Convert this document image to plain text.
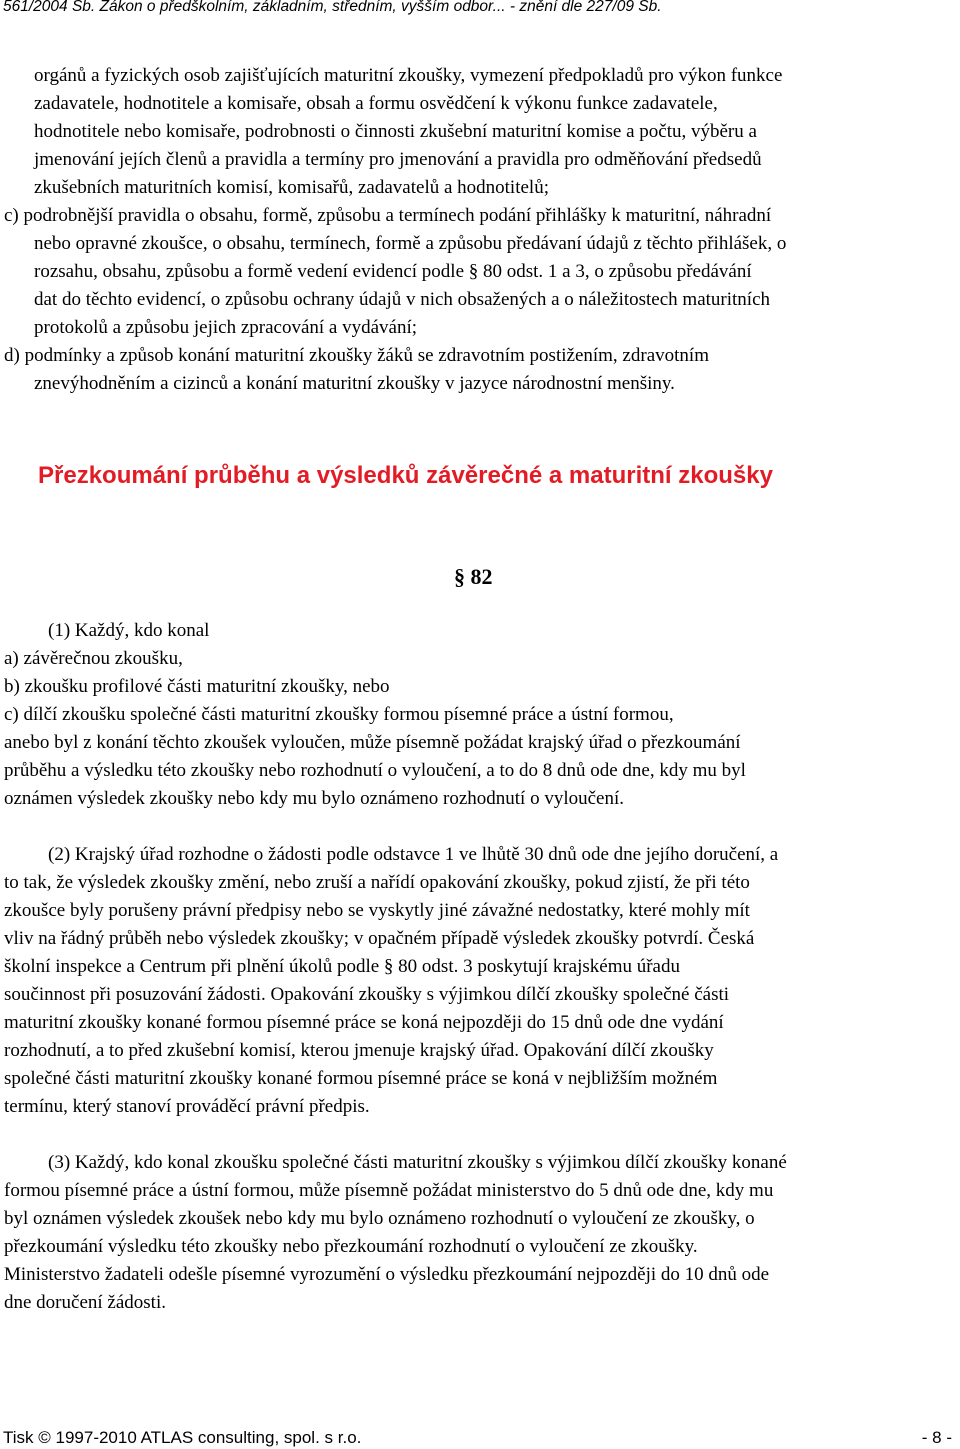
561/2004 Sb. Zákon o předškolním, základním, středním, vyšším odbor... - znění dle 227/09 Sb.
orgánů a fyzických osob zajišťujících maturitní zkoušky, vymezení předpokladů pro výkon funkce
zadavatele, hodnotitele a komisaře, obsah a formu osvědčení k výkonu funkce zadavatele,
hodnotitele nebo komisaře, podrobnosti o činnosti zkušební maturitní komise a počtu, výběru a
jmenování jejích členů a pravidla a termíny pro jmenování a pravidla pro odměňování předsedů
zkušebních maturitních komisí, komisařů, zadavatelů a hodnotitelů;
c) podrobnější pravidla o obsahu, formě, způsobu a termínech podání přihlášky k maturitní, náhradní
nebo opravné zkoušce, o obsahu, termínech, formě a způsobu předávaní údajů z těchto přihlášek, o
rozsahu, obsahu, způsobu a formě vedení evidencí podle § 80 odst. 1 a 3, o způsobu předávání
dat do těchto evidencí, o způsobu ochrany údajů v nich obsažených a o náležitostech maturitních
protokolů a způsobu jejich zpracování a vydávání;
d) podmínky a způsob konání maturitní zkoušky žáků se zdravotním postižením, zdravotním
znevýhodněním a cizinců a konání maturitní zkoušky v jazyce národnostní menšiny.
Přezkoumání průběhu a výsledků závěrečné a maturitní zkoušky
§ 82
(1) Každý, kdo konal
a) závěrečnou zkoušku,
b) zkoušku profilové části maturitní zkoušky, nebo
c) dílčí zkoušku společné části maturitní zkoušky formou písemné práce a ústní formou,
anebo byl z konání těchto zkoušek vyloučen, může písemně požádat krajský úřad o přezkoumání
průběhu a výsledku této zkoušky nebo rozhodnutí o vyloučení, a to do 8 dnů ode dne, kdy mu byl
oznámen výsledek zkoušky nebo kdy mu bylo oznámeno rozhodnutí o vyloučení.
(2) Krajský úřad rozhodne o žádosti podle odstavce 1 ve lhůtě 30 dnů ode dne jejího doručení, a
to tak, že výsledek zkoušky změní, nebo zruší a nařídí opakování zkoušky, pokud zjistí, že při této
zkoušce byly porušeny právní předpisy nebo se vyskytly jiné závažné nedostatky, které mohly mít
vliv na řádný průběh nebo výsledek zkoušky; v opačném případě výsledek zkoušky potvrdí. Česká
školní inspekce a Centrum při plnění úkolů podle § 80 odst. 3 poskytují krajskému úřadu
součinnost při posuzování žádosti. Opakování zkoušky s výjimkou dílčí zkoušky společné části
maturitní zkoušky konané formou písemné práce se koná nejpozději do 15 dnů ode dne vydání
rozhodnutí, a to před zkušební komisí, kterou jmenuje krajský úřad. Opakování dílčí zkoušky
společné části maturitní zkoušky konané formou písemné práce se koná v nejbližším možném
termínu, který stanoví prováděcí právní předpis.
(3) Každý, kdo konal zkoušku společné části maturitní zkoušky s výjimkou dílčí zkoušky konané
formou písemné práce a ústní formou, může písemně požádat ministerstvo do 5 dnů ode dne, kdy mu
byl oznámen výsledek zkoušek nebo kdy mu bylo oznámeno rozhodnutí o vyloučení ze zkoušky, o
přezkoumání výsledku této zkoušky nebo přezkoumání rozhodnutí o vyloučení ze zkoušky.
Ministerstvo žadateli odešle písemné vyrozumění o výsledku přezkoumání nejpozději do 10 dnů ode
dne doručení žádosti.
Tisk © 1997-2010 ATLAS consulting, spol. s r.o.	- 8 -
